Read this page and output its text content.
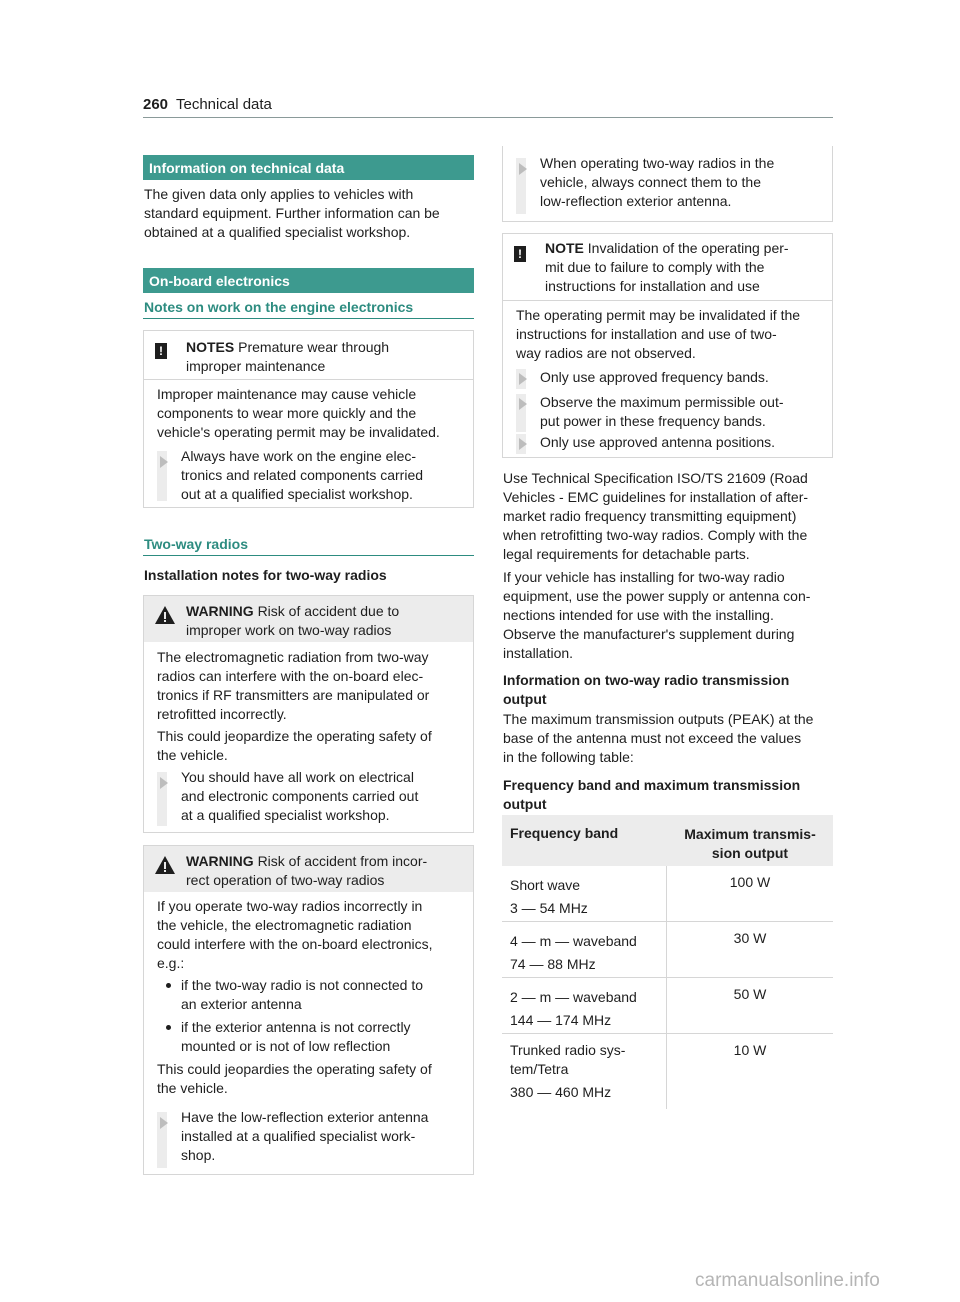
260 Technical data
Information on technical data
The given data only applies to vehicles with
standard equipment. Further information can be
obtained at a qualified specialist workshop.
On-board electronics
Notes on work on the engine electronics
! NOTES Premature wear through
improper maintenance
Improper maintenance may cause vehicle
components to wear more quickly and the
vehicle's operating permit may be invalidated.
Always have work on the engine elec-
tronics and related components carried
out at a qualified specialist workshop.
Two-way radios
Installation notes for two-way radios
WARNING Risk of accident due to
improper work on two-way radios
The electromagnetic radiation from two-way
radios can interfere with the on-board elec-
tronics if RF transmitters are manipulated or
retrofitted incorrectly.
This could jeopardize the operating safety of
the vehicle.
You should have all work on electrical
and electronic components carried out
at a qualified specialist workshop.
WARNING Risk of accident from incor-
rect operation of two-way radios
If you operate two-way radios incorrectly in
the vehicle, the electromagnetic radiation
could interfere with the on-board electronics,
e.g.:
if the two-way radio is not connected to
an exterior antenna
if the exterior antenna is not correctly
mounted or is not of low reflection
This could jeopardies the operating safety of
the vehicle.
Have the low-reflection exterior antenna
installed at a qualified specialist work-
shop.
When operating two-way radios in the
vehicle, always connect them to the
low-reflection exterior antenna.
! NOTE Invalidation of the operating per-
mit due to failure to comply with the
instructions for installation and use
The operating permit may be invalidated if the
instructions for installation and use of two-
way radios are not observed.
Only use approved frequency bands.
Observe the maximum permissible out-
put power in these frequency bands.
Only use approved antenna positions.
Use Technical Specification ISO/TS 21609 (Road
Vehicles - EMC guidelines for installation of after-
market radio frequency transmitting equipment)
when retrofitting two-way radios. Comply with the
legal requirements for detachable parts.
If your vehicle has installing for two-way radio
equipment, use the power supply or antenna con-
nections intended for use with the installing.
Observe the manufacturer's supplement during
installation.
Information on two-way radio transmission
output
The maximum transmission outputs (PEAK) at the
base of the antenna must not exceed the values
in the following table:
Frequency band and maximum transmission
output
Frequency band	Maximum transmis-
sion output
Short wave
3 — 54 MHz
100 W
4 — m — waveband
74 — 88 MHz
30 W
2 — m — waveband
144 — 174 MHz
50 W
Trunked radio sys-
tem/Tetra
380 — 460 MHz
10 W
carmanualsonline.info
